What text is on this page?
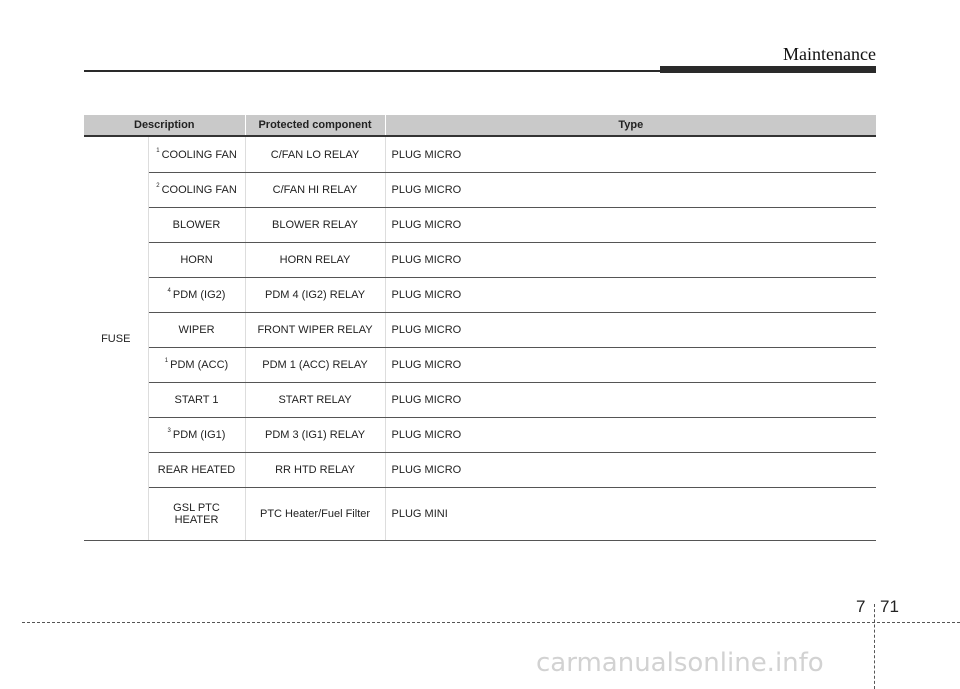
Maintenance
Description		Protected component	Type
FUSE	$^1$ COOLING FAN	C/FAN LO RELAY	PLUG MICRO
	$^2$ COOLING FAN	C/FAN HI RELAY	PLUG MICRO
	BLOWER	BLOWER RELAY	PLUG MICRO
	HORN	HORN RELAY	PLUG MICRO
	$^4$ PDM (IG2)	PDM 4 (IG2) RELAY	PLUG MICRO
	WIPER	FRONT WIPER RELAY	PLUG MICRO
	$^1$ PDM (ACC)	PDM 1 (ACC) RELAY	PLUG MICRO
	START 1	START RELAY	PLUG MICRO
	$^3$ PDM (IG1)	PDM 3 (IG1) RELAY	PLUG MICRO
	REAR HEATED	RR HTD RELAY	PLUG MICRO
	GSL PTC HEATER	PTC Heater/Fuel Filter	PLUG MINI
7 71
carmanualsonline.info
